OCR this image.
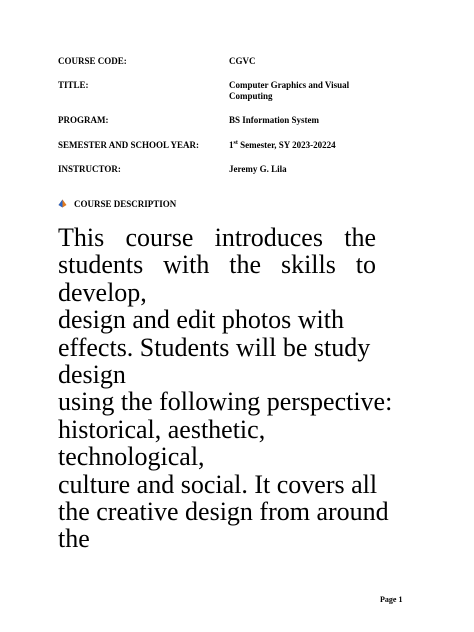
COURSE CODE:	CGVC
TITLE:	Computer Graphics and Visual Computing
PROGRAM:	BS Information System
SEMESTER AND SCHOOL YEAR:	1st Semester, SY 2023-20224
INSTRUCTOR:	Jeremy G. Lila
COURSE DESCRIPTION
This course introduces the
students with the skills to
develop,
design and edit photos with
effects. Students will be study
design
using the following perspective:
historical, aesthetic,
technological,
culture and social. It covers all
the creative design from around
the
Page 1
